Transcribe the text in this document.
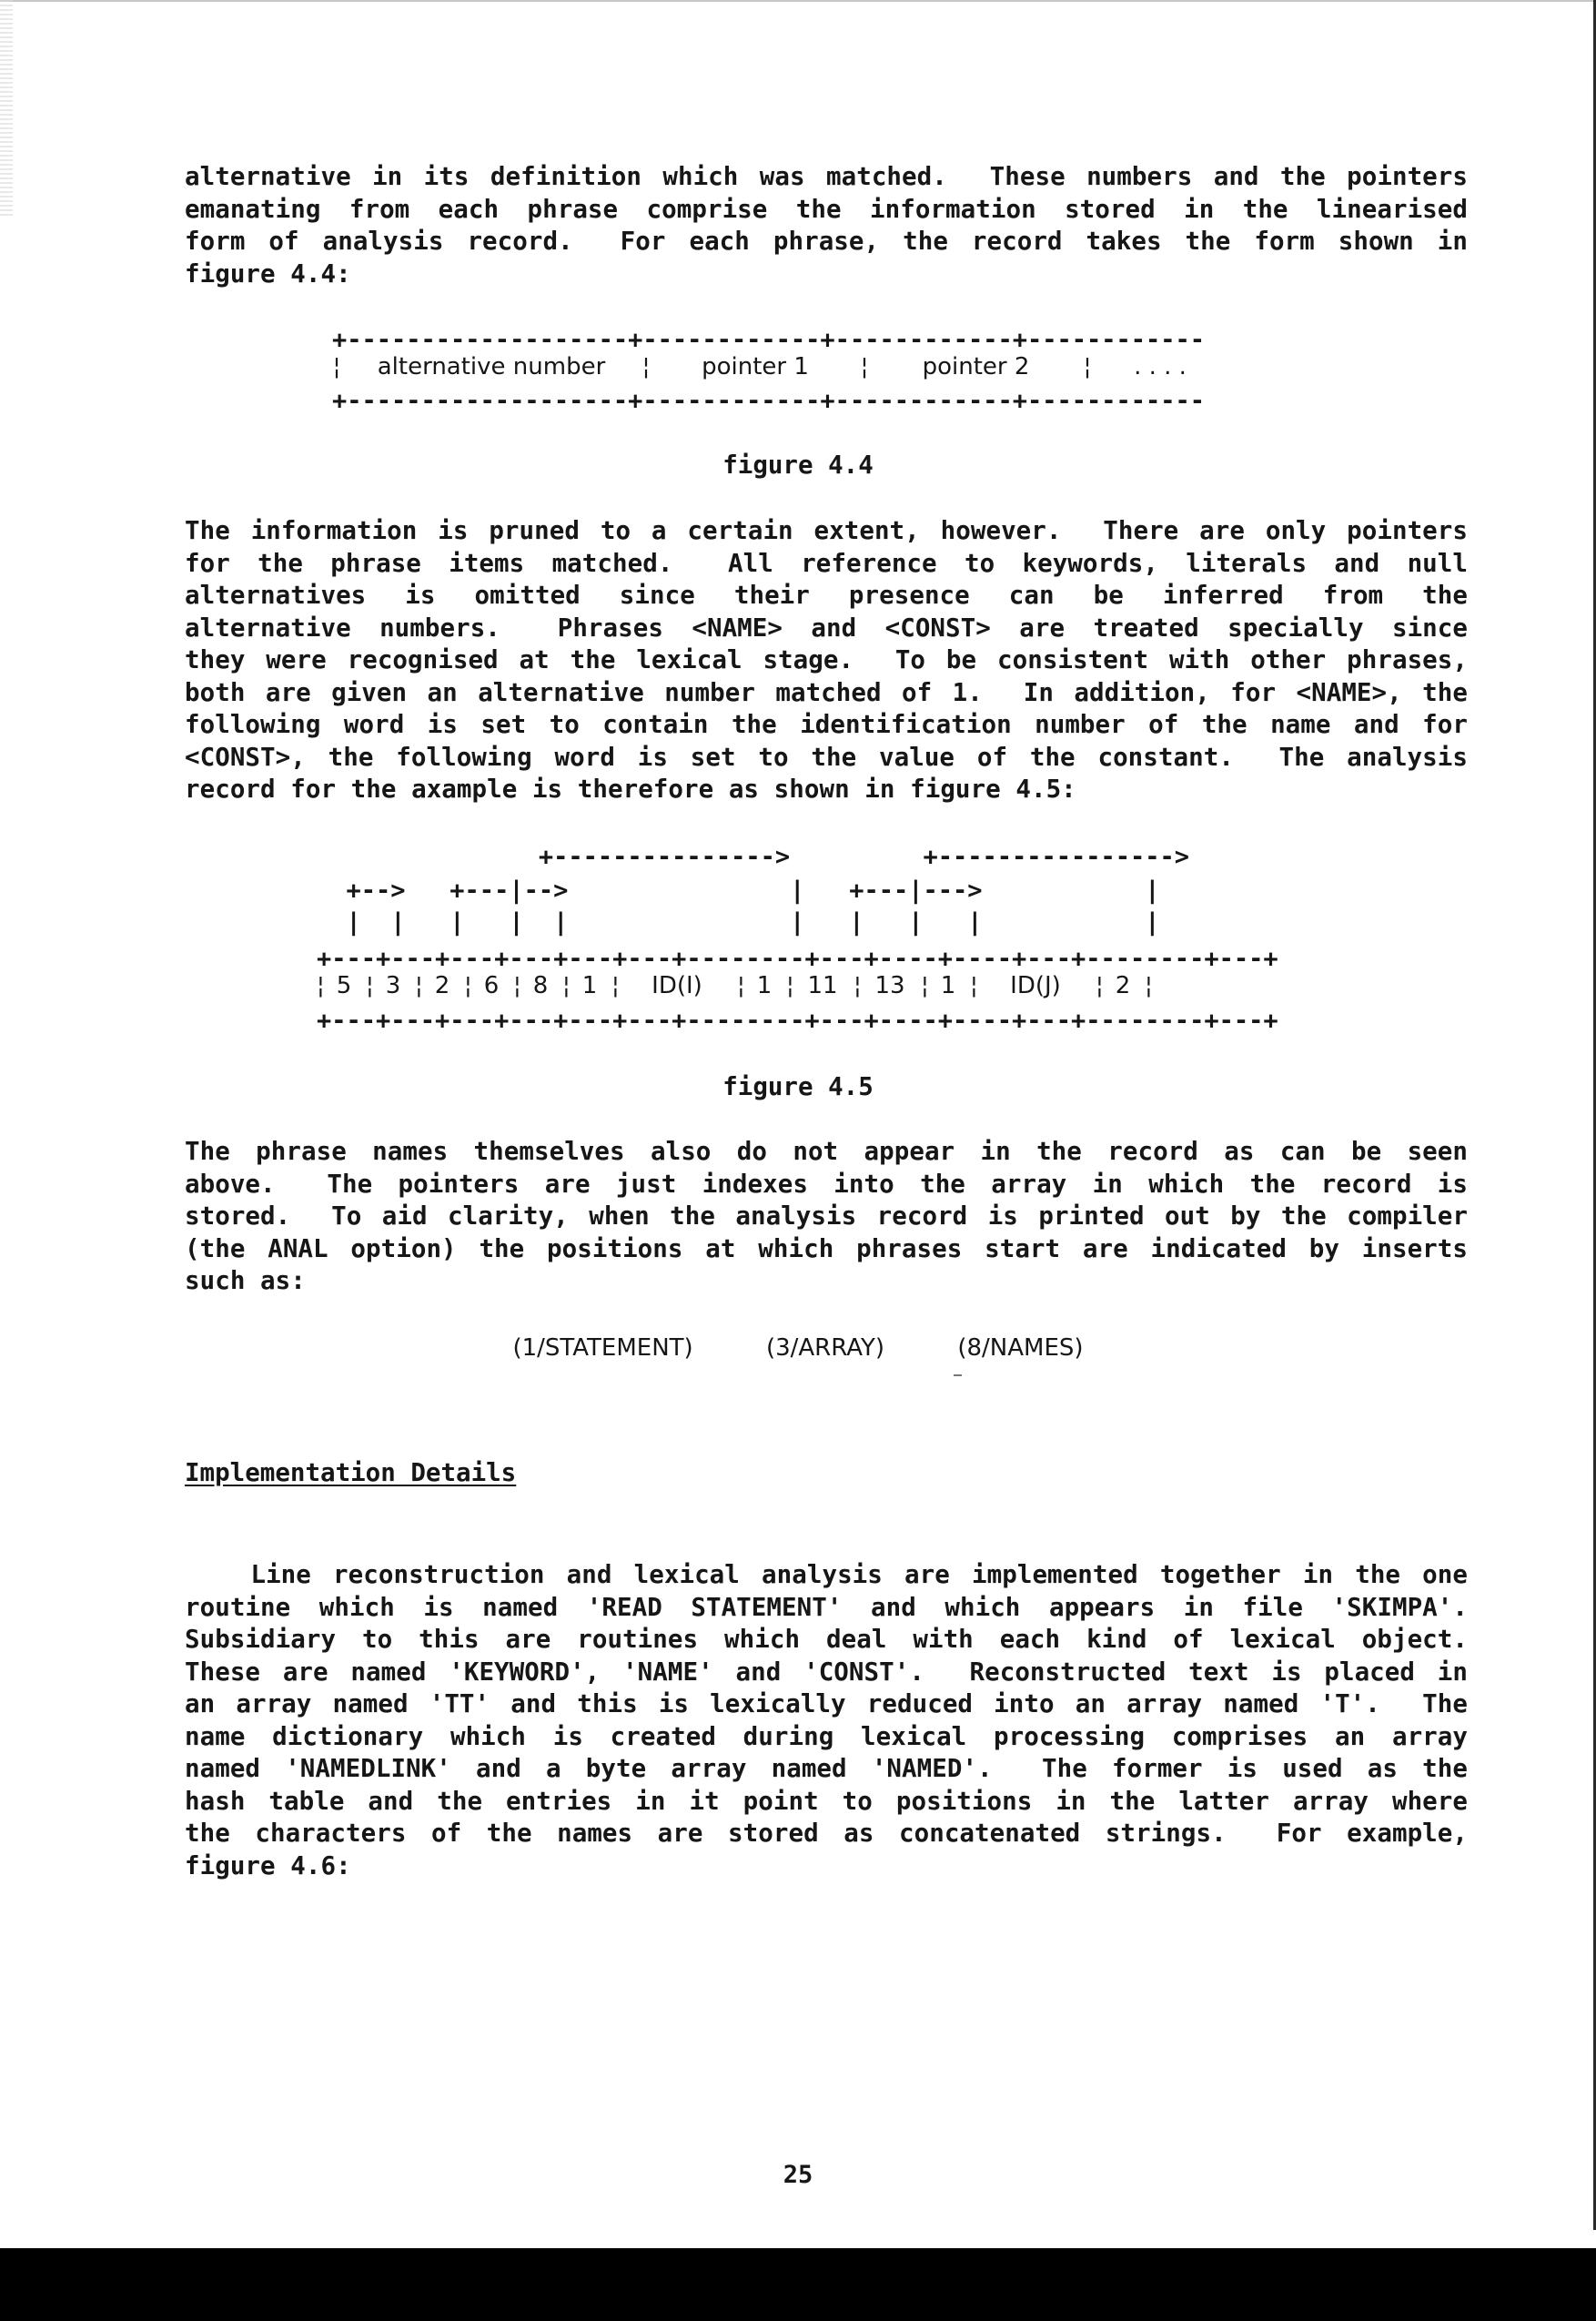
alternative in its definition which was matched.  These numbers and the pointers
emanating from each phrase comprise the information stored in the linearised
form of analysis record.  For each phrase, the record takes the form shown in
figure 4.4:

+-------------------+------------+------------+------------
¦	alternative number	¦	pointer 1	¦	pointer 2	¦	. . . .
+-------------------+------------+------------+------------
figure 4.4

The information is pruned to a certain extent, however.  There are only pointers
for the phrase items matched.  All reference to keywords, literals and null
alternatives is omitted since their presence can be inferred from the
alternative numbers.  Phrases <NAME> and <CONST> are treated specially since
they were recognised at the lexical stage.  To be consistent with other phrases,
both are given an alternative number matched of 1.  In addition, for <NAME>, the
following word is set to contain the identification number of the name and for
<CONST>, the following word is set to the value of the constant.  The analysis
record for the axample is therefore as shown in figure 4.5:

+--------------->         +---------------->
+-->   +---|-->               |   +---|--->           |
|  |   |   |  |               |   |   |   |           |
+---+---+---+---+---+---+--------+---+----+----+---+--------+---+
¦ 5 ¦ 3 ¦ 2 ¦ 6 ¦ 8 ¦ 1 ¦	ID(I)	¦ 1 ¦ 11 ¦ 13 ¦ 1 ¦	ID(J)	¦ 2 ¦
+---+---+---+---+---+---+--------+---+----+----+---+--------+---+
figure 4.5

The phrase names themselves also do not appear in the record as can be seen
above.  The pointers are just indexes into the array in which the record is
stored.  To aid clarity, when the analysis record is printed out by the compiler
(the ANAL option) the positions at which phrases start are indicated by inserts
such as:

(1/STATEMENT)	(3/ARRAY)	(8/NAMES)
Implementation Details

Line reconstruction and lexical analysis are implemented together in the one
routine which is named 'READ STATEMENT' and which appears in file 'SKIMPA'.
Subsidiary to this are routines which deal with each kind of lexical object.
These are named 'KEYWORD', 'NAME' and 'CONST'.  Reconstructed text is placed in
an array named 'TT' and this is lexically reduced into an array named 'T'.  The
name dictionary which is created during lexical processing comprises an array
named 'NAMEDLINK' and a byte array named 'NAMED'.  The former is used as the
hash table and the entries in it point to positions in the latter array where
the characters of the names are stored as concatenated strings.  For example,
figure 4.6:

25
